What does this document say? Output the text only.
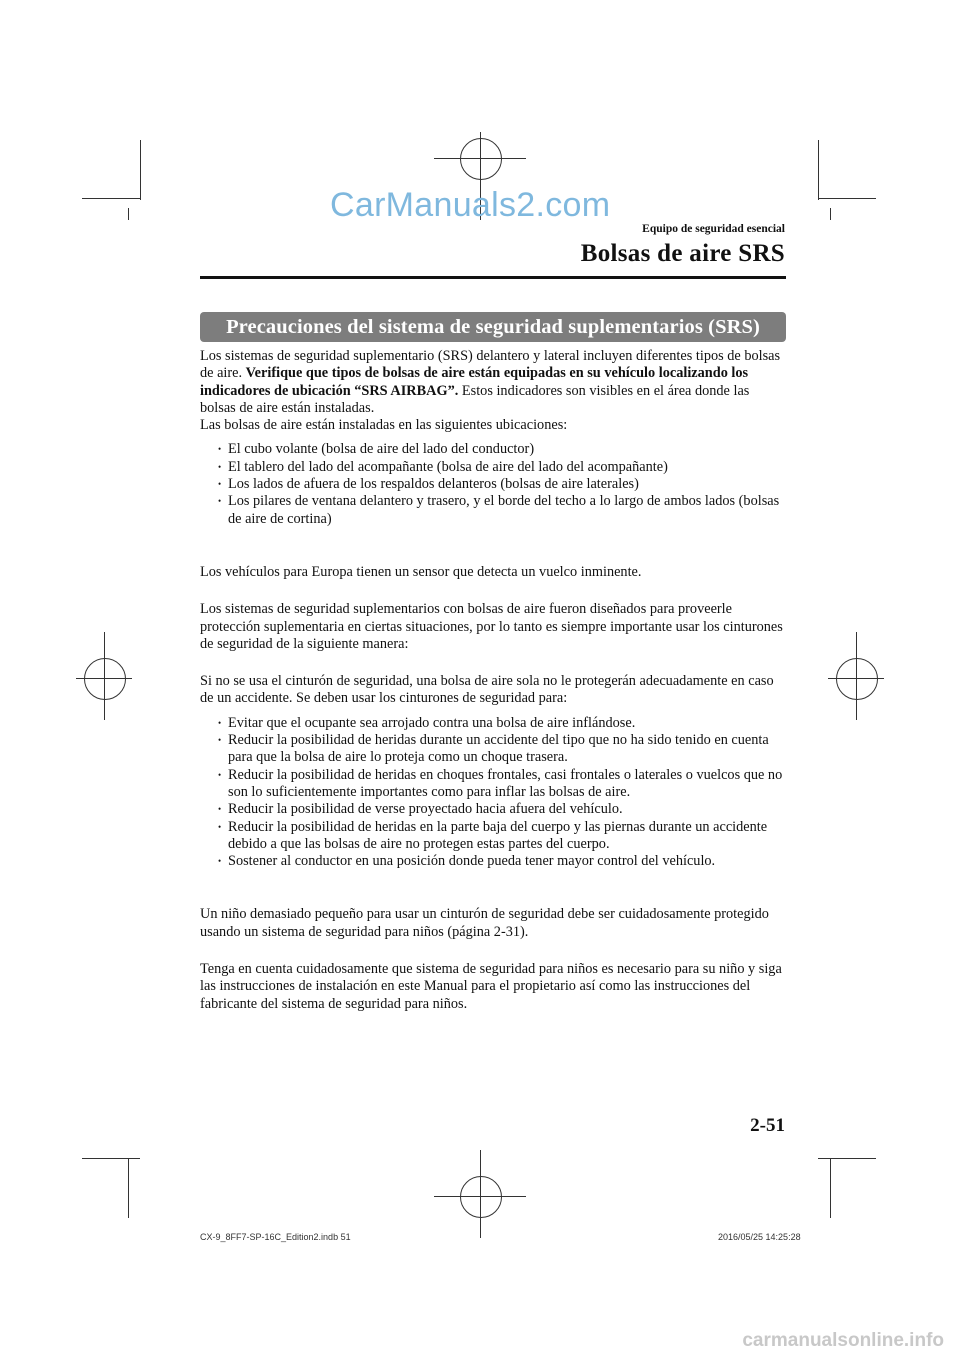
CarManuals2.com
Equipo de seguridad esencial
Bolsas de aire SRS
Precauciones del sistema de seguridad suplementarios (SRS)

Los sistemas de seguridad suplementario (SRS) delantero y lateral incluyen diferentes tipos de bolsas de aire. Verifique que tipos de bolsas de aire están equipadas en su vehículo localizando los indicadores de ubicación “SRS AIRBAG”. Estos indicadores son visibles en el área donde las bolsas de aire están instaladas.

Las bolsas de aire están instaladas en las siguientes ubicaciones:

• El cubo volante (bolsa de aire del lado del conductor)
• El tablero del lado del acompañante (bolsa de aire del lado del acompañante)
• Los lados de afuera de los respaldos delanteros (bolsas de aire laterales)
• Los pilares de ventana delantero y trasero, y el borde del techo a lo largo de ambos lados (bolsas de aire de cortina)

Los vehículos para Europa tienen un sensor que detecta un vuelco inminente.

Los sistemas de seguridad suplementarios con bolsas de aire fueron diseñados para proveerle protección suplementaria en ciertas situaciones, por lo tanto es siempre importante usar los cinturones de seguridad de la siguiente manera:

Si no se usa el cinturón de seguridad, una bolsa de aire sola no le protegerán adecuadamente en caso de un accidente. Se deben usar los cinturones de seguridad para:

• Evitar que el ocupante sea arrojado contra una bolsa de aire inflándose.
• Reducir la posibilidad de heridas durante un accidente del tipo que no ha sido tenido en cuenta para que la bolsa de aire lo proteja como un choque trasera.
• Reducir la posibilidad de heridas en choques frontales, casi frontales o laterales o vuelcos que no son lo suficientemente importantes como para inflar las bolsas de aire.
• Reducir la posibilidad de verse proyectado hacia afuera del vehículo.
• Reducir la posibilidad de heridas en la parte baja del cuerpo y las piernas durante un accidente debido a que las bolsas de aire no protegen estas partes del cuerpo.
• Sostener al conductor en una posición donde pueda tener mayor control del vehículo.

Un niño demasiado pequeño para usar un cinturón de seguridad debe ser cuidadosamente protegido usando un sistema de seguridad para niños (página 2-31).

Tenga en cuenta cuidadosamente que sistema de seguridad para niños es necesario para su niño y siga las instrucciones de instalación en este Manual para el propietario así como las instrucciones del fabricante del sistema de seguridad para niños.

2-51
CX-9_8FF7-SP-16C_Edition2.indb 51	2016/05/25 14:25:28
carmanualsonline.info
